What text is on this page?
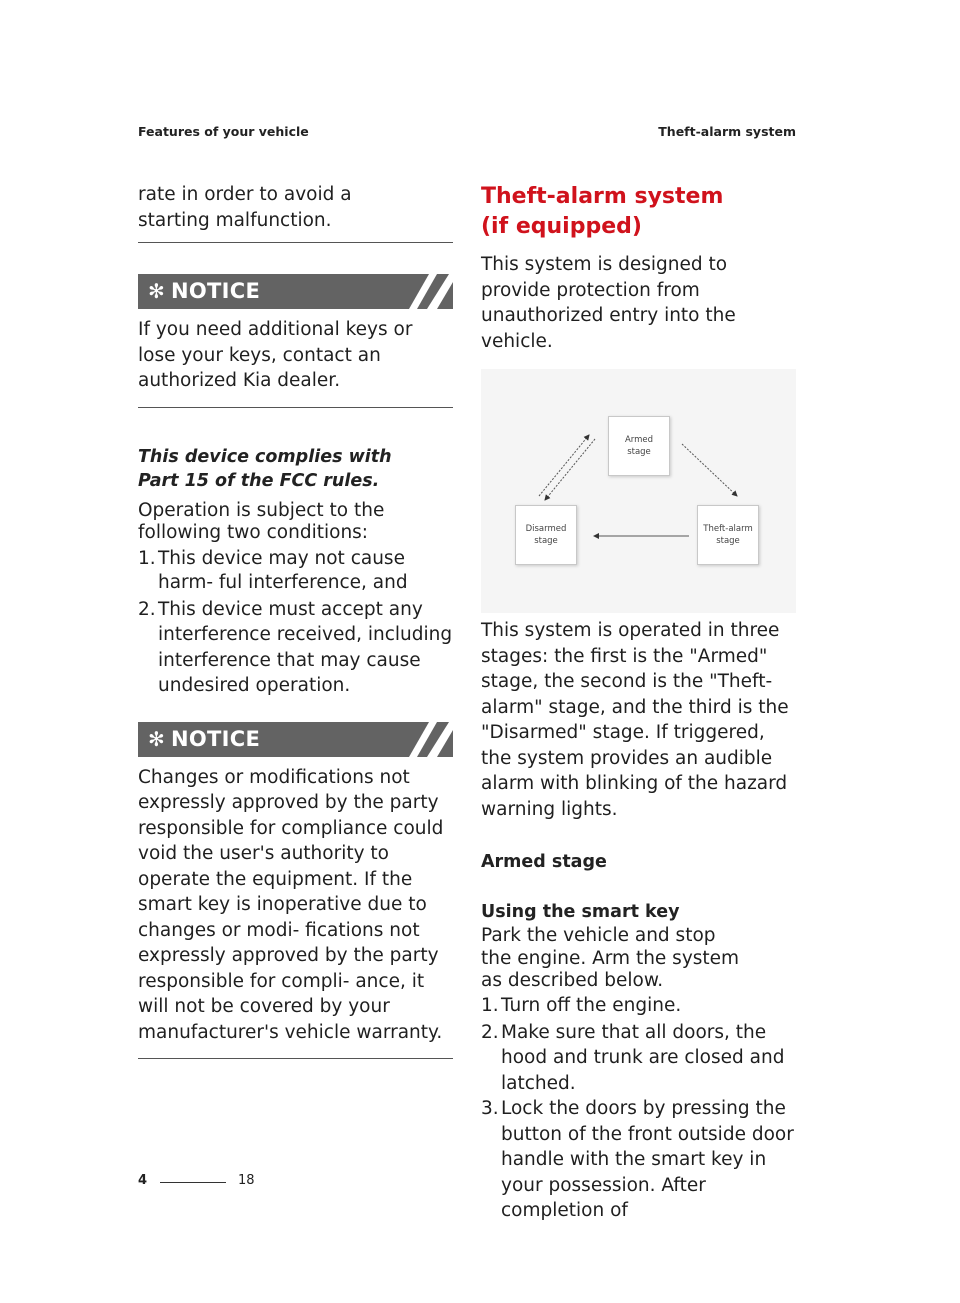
Features of your vehicle	Theft-alarm system

rate in order to avoid a starting malfunction.

✻ NOTICE

If you need additional keys or lose your keys, contact an authorized Kia dealer.

This device complies with Part 15 of the FCC rules.

Operation is subject to the following two conditions:

1. This device may not cause harm- ful interference, and
2. This device must accept any interference received, including interference that may cause undesired operation.
✻ NOTICE

Changes or modifications not expressly approved by the party responsible for compliance could void the user's authority to operate the equipment. If the smart key is inoperative due to changes or modi- fications not expressly approved by the party responsible for compli- ance, it will not be covered by your manufacturer's vehicle warranty.

Theft-alarm system (if equipped)

This system is designed to provide protection from unauthorized entry into the vehicle.

Armed stage
Theft-alarm stage
Disarmed stage

This system is operated in three stages: the first is the "Armed" stage, the second is the "Theft- alarm" stage, and the third is the "Disarmed" stage. If triggered, the system provides an audible alarm with blinking of the hazard warning lights.

Armed stage
Using the smart key

Park the vehicle and stop the engine. Arm the system as described below.

1. Turn off the engine.
2. Make sure that all doors, the hood and trunk are closed and latched.
3. Lock the doors by pressing the button of the front outside door handle with the smart key in your possession. After completion of
4	18
